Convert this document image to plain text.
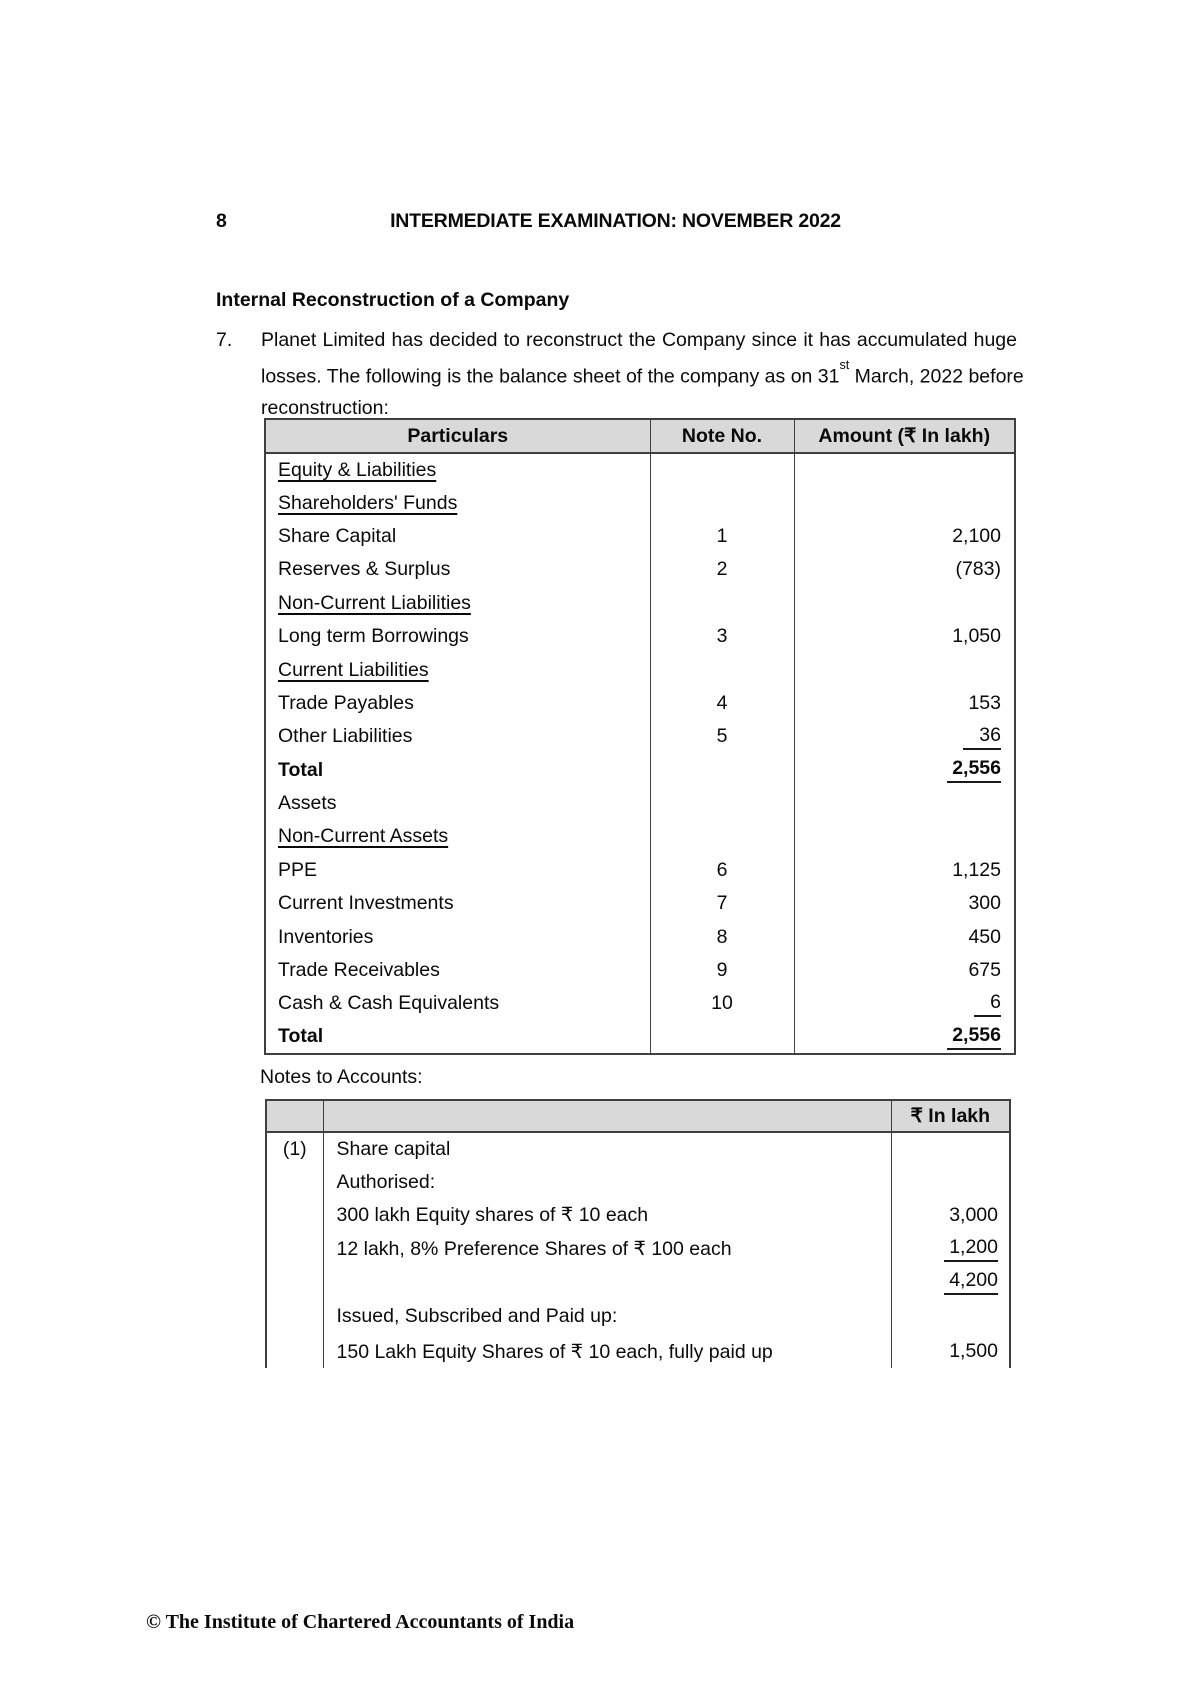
8	INTERMEDIATE EXAMINATION: NOVEMBER 2022
Internal Reconstruction of a Company
7. Planet Limited has decided to reconstruct the Company since it has accumulated huge
losses. The following is the balance sheet of the company as on 31st March, 2022 before
reconstruction:
Particulars	Note No.	Amount (₹ In lakh)
Equity & Liabilities		
Shareholders' Funds		
Share Capital	1	2,100
Reserves & Surplus	2	(783)
Non-Current Liabilities		
Long term Borrowings	3	1,050
Current Liabilities		
Trade Payables	4	153
Other Liabilities	5	36
Total		2,556
Assets		
Non-Current Assets		
PPE	6	1,125
Current Investments	7	300
Inventories	8	450
Trade Receivables	9	675
Cash & Cash Equivalents	10	6
Total		2,556
Notes to Accounts:
		₹ In lakh
(1)	Share capital	
	Authorised:	
	300 lakh Equity shares of ₹ 10 each	3,000
	12 lakh, 8% Preference Shares of ₹ 100 each	1,200
		4,200
	Issued, Subscribed and Paid up:	
	150 Lakh Equity Shares of ₹ 10 each, fully paid up	1,500
© The Institute of Chartered Accountants of India
